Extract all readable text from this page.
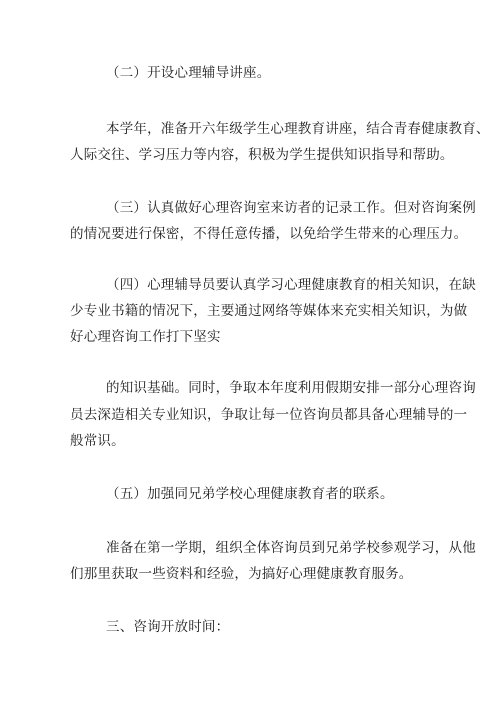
（二）开设心理辅导讲座。
本学年，准备开六年级学生心理教育讲座，结合青春健康教育、
人际交往、学习压力等内容，积极为学生提供知识指导和帮助。
（三）认真做好心理咨询室来访者的记录工作。但对咨询案例
的情况要进行保密，不得任意传播，以免给学生带来的心理压力。
（四）心理辅导员要认真学习心理健康教育的相关知识，在缺
少专业书籍的情况下，主要通过网络等媒体来充实相关知识，为做
好心理咨询工作打下坚实
的知识基础。同时，争取本年度利用假期安排一部分心理咨询
员去深造相关专业知识，争取让每一位咨询员都具备心理辅导的一
般常识。
（五）加强同兄弟学校心理健康教育者的联系。
准备在第一学期，组织全体咨询员到兄弟学校参观学习，从他
们那里获取一些资料和经验，为搞好心理健康教育服务。
三、咨询开放时间：
